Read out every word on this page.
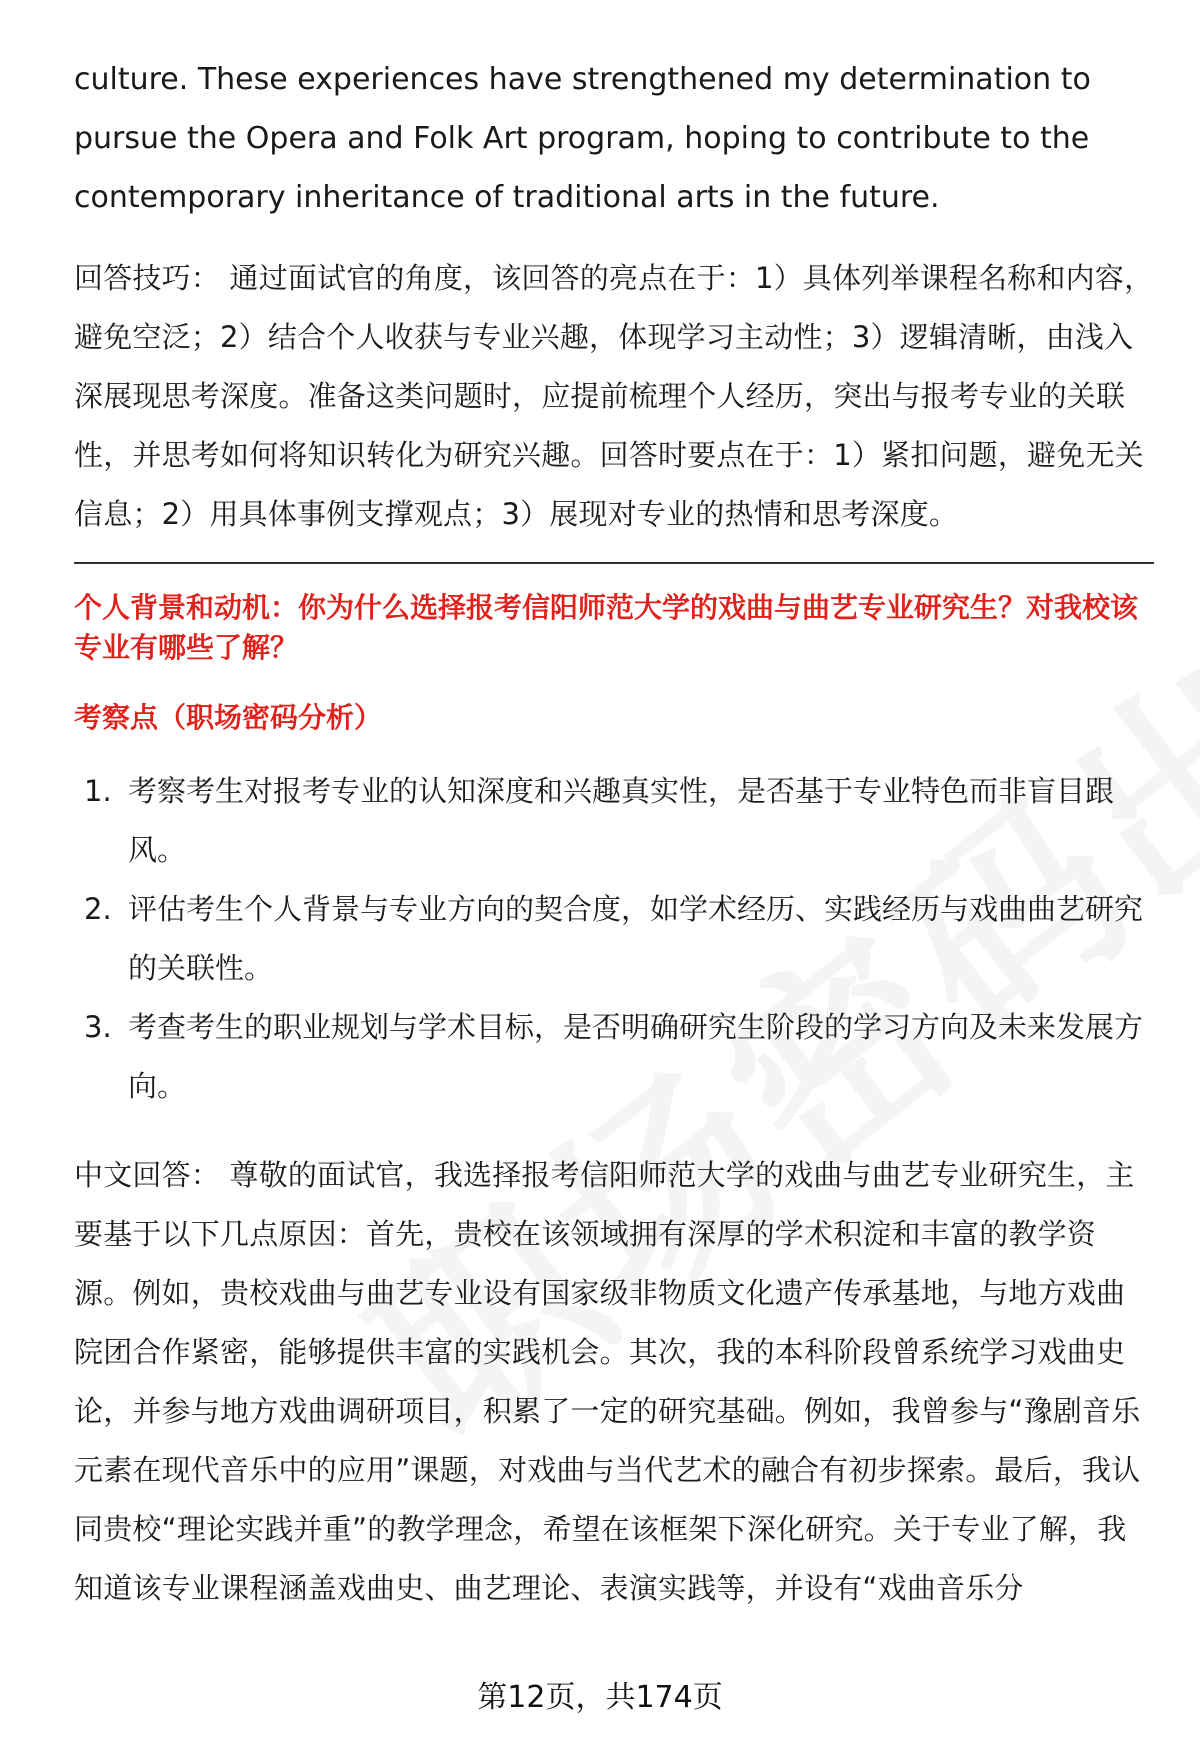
culture. These experiences have strengthened my determination to pursue the Opera and Folk Art program, hoping to contribute to the contemporary inheritance of traditional arts in the future.

回答技巧： 通过面试官的角度，该回答的亮点在于：1）具体列举课程名称和内容，避免空泛；2）结合个人收获与专业兴趣，体现学习主动性；3）逻辑清晰，由浅入深展现思考深度。准备这类问题时，应提前梳理个人经历，突出与报考专业的关联性，并思考如何将知识转化为研究兴趣。回答时要点在于：1）紧扣问题，避免无关信息；2）用具体事例支撑观点；3）展现对专业的热情和思考深度。

个人背景和动机：你为什么选择报考信阳师范大学的戏曲与曲艺专业研究生？对我校该专业有哪些了解？

考察点（职场密码分析）

1. 考察考生对报考专业的认知深度和兴趣真实性，是否基于专业特色而非盲目跟风。
2. 评估考生个人背景与专业方向的契合度，如学术经历、实践经历与戏曲曲艺研究的关联性。
3. 考查考生的职业规划与学术目标，是否明确研究生阶段的学习方向及未来发展方向。

中文回答： 尊敬的面试官，我选择报考信阳师范大学的戏曲与曲艺专业研究生，主要基于以下几点原因：首先，贵校在该领域拥有深厚的学术积淀和丰富的教学资源。例如，贵校戏曲与曲艺专业设有国家级非物质文化遗产传承基地，与地方戏曲院团合作紧密，能够提供丰富的实践机会。其次，我的本科阶段曾系统学习戏曲史论，并参与地方戏曲调研项目，积累了一定的研究基础。例如，我曾参与“豫剧音乐元素在现代音乐中的应用”课题，对戏曲与当代艺术的融合有初步探索。最后，我认同贵校“理论实践并重”的教学理念，希望在该框架下深化研究。关于专业了解，我知道该专业课程涵盖戏曲史、曲艺理论、表演实践等，并设有“戏曲音乐分

第12页，共174页
